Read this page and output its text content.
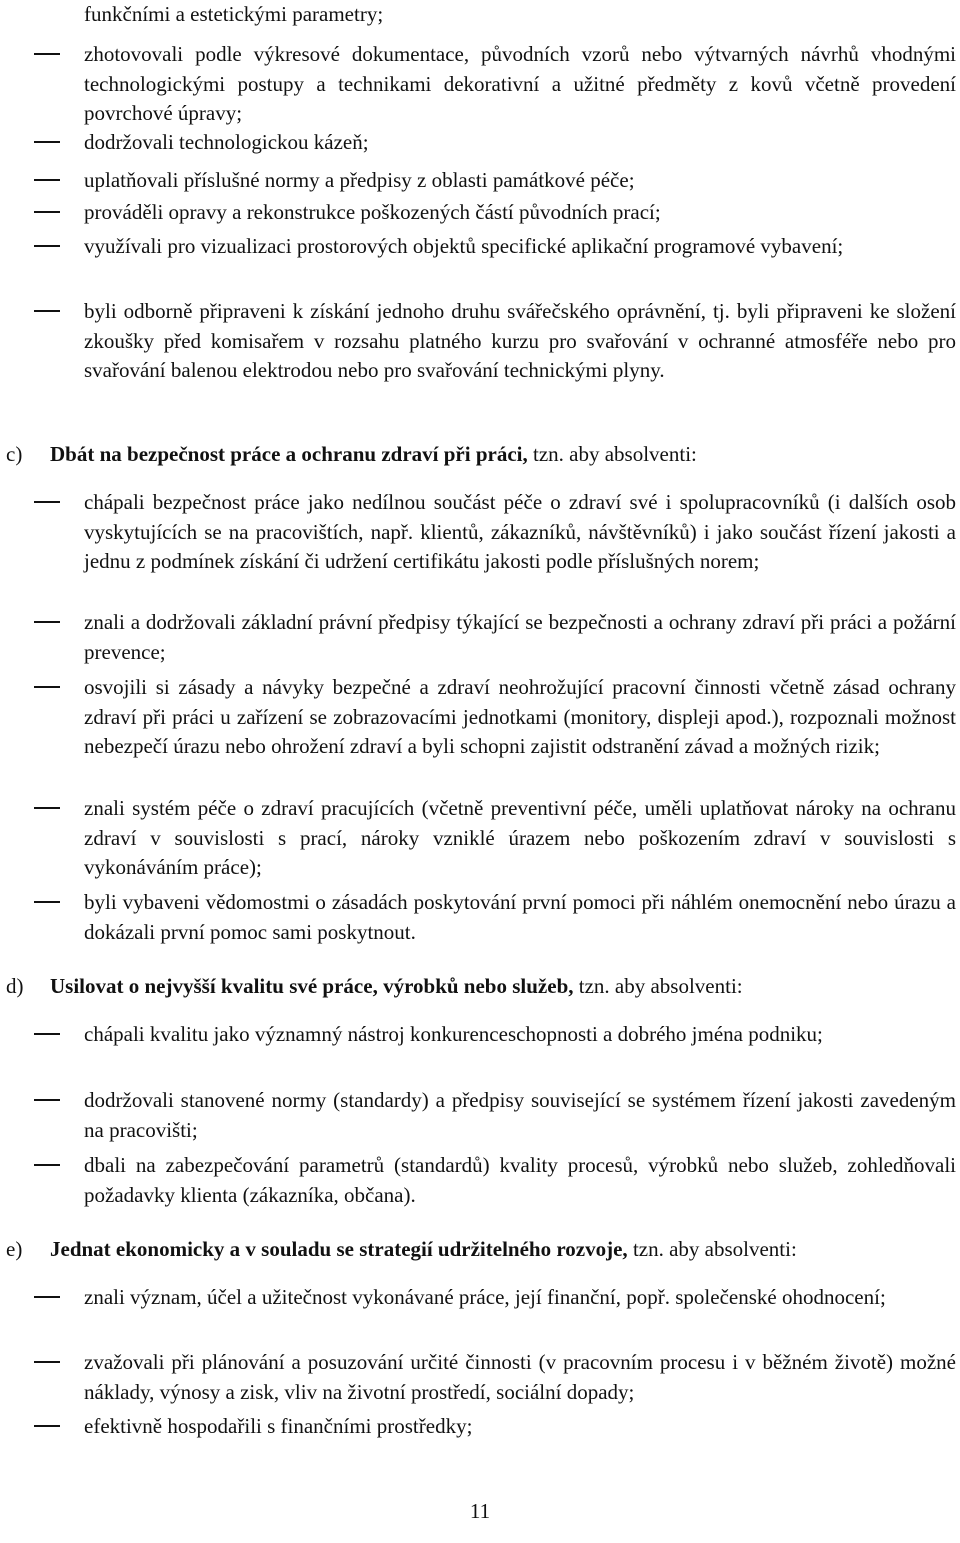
funkčními a estetickými parametry;
zhotovovali podle výkresové dokumentace, původních vzorů nebo výtvarných návrhů vhodnými technologickými postupy a technikami dekorativní a užitné předměty z kovů včetně provedení povrchové úpravy;
dodržovali technologickou kázeň;
uplatňovali příslušné normy a předpisy z oblasti památkové péče;
prováděli opravy a rekonstrukce poškozených částí původních prací;
využívali pro vizualizaci prostorových objektů specifické aplikační programové vybavení;
byli odborně připraveni k získání jednoho druhu svářečského oprávnění, tj. byli připraveni ke složení zkoušky před komisařem v rozsahu platného kurzu pro svařování v ochranné atmosféře nebo pro svařování balenou elektrodou nebo pro svařování technickými plyny.
c) Dbát na bezpečnost práce a ochranu zdraví při práci, tzn. aby absolventi:
chápali bezpečnost práce jako nedílnou součást péče o zdraví své i spolupracovníků (i dalších osob vyskytujících se na pracovištích, např. klientů, zákazníků, návštěvníků) i jako součást řízení jakosti a jednu z podmínek získání či udržení certifikátu jakosti podle příslušných norem;
znali a dodržovali základní právní předpisy týkající se bezpečnosti a ochrany zdraví při práci a požární prevence;
osvojili si zásady a návyky bezpečné a zdraví neohrožující pracovní činnosti včetně zásad ochrany zdraví při práci u zařízení se zobrazovacími jednotkami (monitory, displeji apod.), rozpoznali možnost nebezpečí úrazu nebo ohrožení zdraví a byli schopni zajistit odstranění závad a možných rizik;
znali systém péče o zdraví pracujících (včetně preventivní péče, uměli uplatňovat nároky na ochranu zdraví v souvislosti s prací, nároky vzniklé úrazem nebo poškozením zdraví v souvislosti s vykonáváním práce);
byli vybaveni vědomostmi o zásadách poskytování první pomoci při náhlém onemocnění nebo úrazu a dokázali první pomoc sami poskytnout.
d) Usilovat o nejvyšší kvalitu své práce, výrobků nebo služeb, tzn. aby absolventi:
chápali kvalitu jako významný nástroj konkurenceschopnosti a dobrého jména podniku;
dodržovali stanovené normy (standardy) a předpisy související se systémem řízení jakosti zavedeným na pracovišti;
dbali na zabezpečování parametrů (standardů) kvality procesů, výrobků nebo služeb, zohledňovali požadavky klienta (zákazníka, občana).
e) Jednat ekonomicky a v souladu se strategií udržitelného rozvoje, tzn. aby absolventi:
znali význam, účel a užitečnost vykonávané práce, její finanční, popř. společenské ohodnocení;
zvažovali při plánování a posuzování určité činnosti (v pracovním procesu i v běžném životě) možné náklady, výnosy a zisk, vliv na životní prostředí, sociální dopady;
efektivně hospodařili s finančními prostředky;
11
